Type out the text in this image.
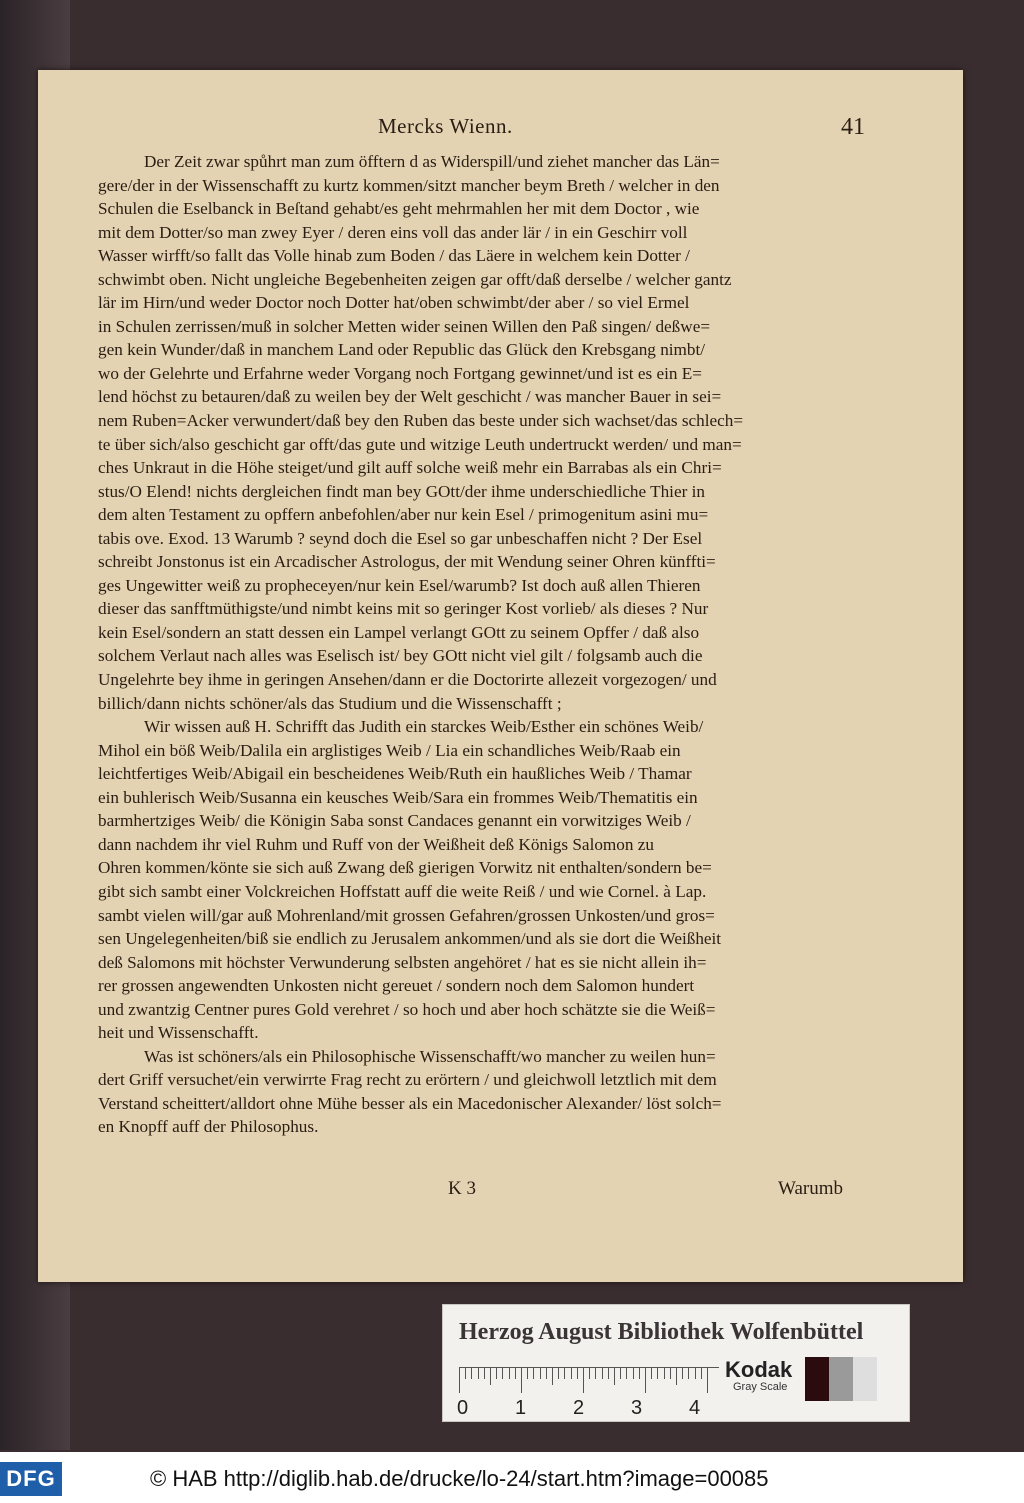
Mercks Wienn.	41
Der Zeit zwar spůhrt man zum öfftern d as Widerspill/und ziehet mancher das Län=
gere/der in der Wissenschafft zu kurtz kommen/sitzt mancher beym Breth / welcher in den
Schulen die Eselbanck in Beſtand gehabt/es geht mehrmahlen her mit dem Doctor , wie
mit dem Dotter/so man zwey Eyer / deren eins voll das ander lär / in ein Geschirr voll
Wasser wirfft/so fallt das Volle hinab zum Boden / das Läere in welchem kein Dotter /
schwimbt oben. Nicht ungleiche Begebenheiten zeigen gar offt/daß derselbe / welcher gantz
lär im Hirn/und weder Doctor noch Dotter hat/oben schwimbt/der aber / so viel Ermel
in Schulen zerrissen/muß in solcher Metten wider seinen Willen den Paß singen/ deßwe=
gen kein Wunder/daß in manchem Land oder Republic das Glück den Krebsgang nimbt/
wo der Gelehrte und Erfahrne weder Vorgang noch Fortgang gewinnet/und ist es ein E=
lend höchst zu betauren/daß zu weilen bey der Welt geschicht / was mancher Bauer in sei=
nem Ruben=Acker verwundert/daß bey den Ruben das beste under sich wachset/das schlech=
te über sich/also geschicht gar offt/das gute und witzige Leuth undertruckt werden/ und man=
ches Unkraut in die Höhe steiget/und gilt auff solche weiß mehr ein Barrabas als ein Chri=
stus/O Elend! nichts dergleichen findt man bey GOtt/der ihme underschiedliche Thier in
dem alten Testament zu opffern anbefohlen/aber nur kein Esel / primogenitum asini mu=
tabis ove. Exod. 13 Warumb ? seynd doch die Esel so gar unbeschaffen nicht ? Der Esel
schreibt Jonstonus ist ein Arcadischer Astrologus, der mit Wendung seiner Ohren künffti=
ges Ungewitter weiß zu propheceyen/nur kein Esel/warumb? Ist doch auß allen Thieren
dieser das sanfftmüthigste/und nimbt keins mit so geringer Kost vorlieb/ als dieses ? Nur
kein Esel/sondern an statt dessen ein Lampel verlangt GOtt zu seinem Opffer / daß also
solchem Verlaut nach alles was Eselisch ist/ bey GOtt nicht viel gilt / folgsamb auch die
Ungelehrte bey ihme in geringen Ansehen/dann er die Doctorirte allezeit vorgezogen/ und
billich/dann nichts schöner/als das Studium und die Wissenschafft ;
Wir wissen auß H. Schrifft das Judith ein starckes Weib/Esther ein schönes Weib/
Mihol ein böß Weib/Dalila ein arglistiges Weib / Lia ein schandliches Weib/Raab ein
leichtfertiges Weib/Abigail ein bescheidenes Weib/Ruth ein haußliches Weib / Thamar
ein buhlerisch Weib/Susanna ein keusches Weib/Sara ein frommes Weib/Thematitis ein
barmhertziges Weib/ die Königin Saba sonst Candaces genannt ein vorwitziges Weib /
dann nachdem ihr viel Ruhm und Ruff von der Weißheit deß Königs Salomon zu
Ohren kommen/könte sie sich auß Zwang deß gierigen Vorwitz nit enthalten/sondern be=
gibt sich sambt einer Volckreichen Hoffstatt auff die weite Reiß / und wie Cornel. à Lap.
sambt vielen will/gar auß Mohrenland/mit grossen Gefahren/grossen Unkosten/und gros=
sen Ungelegenheiten/biß sie endlich zu Jerusalem ankommen/und als sie dort die Weißheit
deß Salomons mit höchster Verwunderung selbsten angehöret / hat es sie nicht allein ih=
rer grossen angewendten Unkosten nicht gereuet / sondern noch dem Salomon hundert
und zwantzig Centner pures Gold verehret / so hoch und aber hoch schätzte sie die Weiß=
heit und Wissenschafft.
Was ist schöners/als ein Philosophische Wissenschafft/wo mancher zu weilen hun=
dert Griff versuchet/ein verwirrte Frag recht zu erörtern / und gleichwoll letztlich mit dem
Verstand scheittert/alldort ohne Mühe besser als ein Macedonischer Alexander/ löst solch=
en Knopff auff der Philosophus.
K 3	Warumb
Herzog August Bibliothek Wolfenbüttel
0 1 2 3 4
Kodak
Gray Scale
DFG	© HAB http://diglib.hab.de/drucke/lo-24/start.htm?image=00085
